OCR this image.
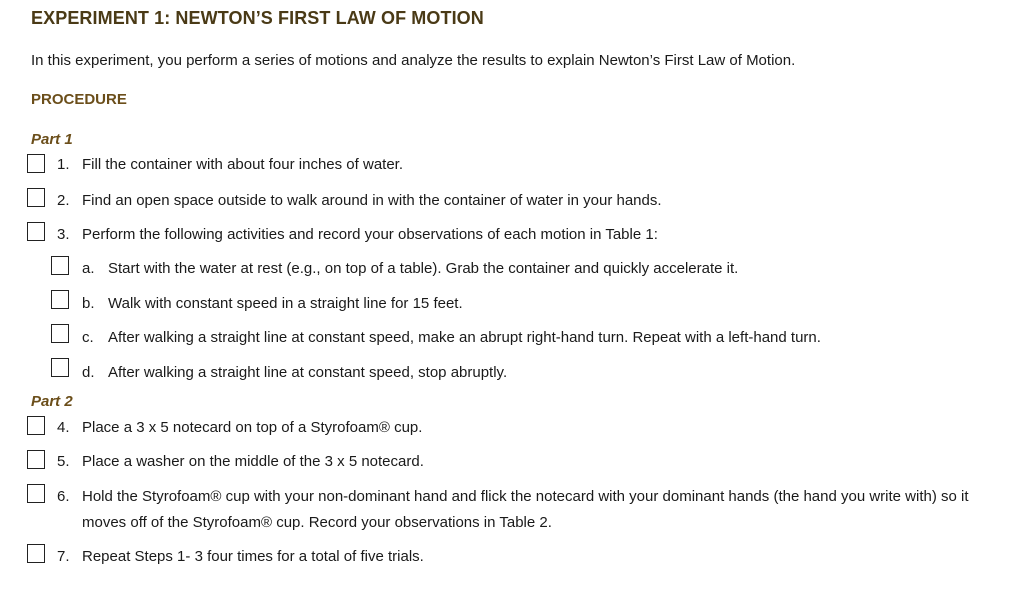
EXPERIMENT 1: NEWTON’S FIRST LAW OF MOTION
In this experiment, you perform a series of motions and analyze the results to explain Newton’s First Law of Motion.
PROCEDURE
Part 1
1. Fill the container with about four inches of water.
2. Find an open space outside to walk around in with the container of water in your hands.
3. Perform the following activities and record your observations of each motion in Table 1:
a. Start with the water at rest (e.g., on top of a table). Grab the container and quickly accelerate it.
b. Walk with constant speed in a straight line for 15 feet.
c. After walking a straight line at constant speed, make an abrupt right-hand turn. Repeat with a left-hand turn.
d. After walking a straight line at constant speed, stop abruptly.
Part 2
4. Place a 3 x 5 notecard on top of a Styrofoam® cup.
5. Place a washer on the middle of the 3 x 5 notecard.
6. Hold the Styrofoam® cup with your non-dominant hand and flick the notecard with your dominant hands (the hand you write with) so it moves off of the Styrofoam® cup. Record your observations in Table 2.
7. Repeat Steps 1- 3 four times for a total of five trials.
